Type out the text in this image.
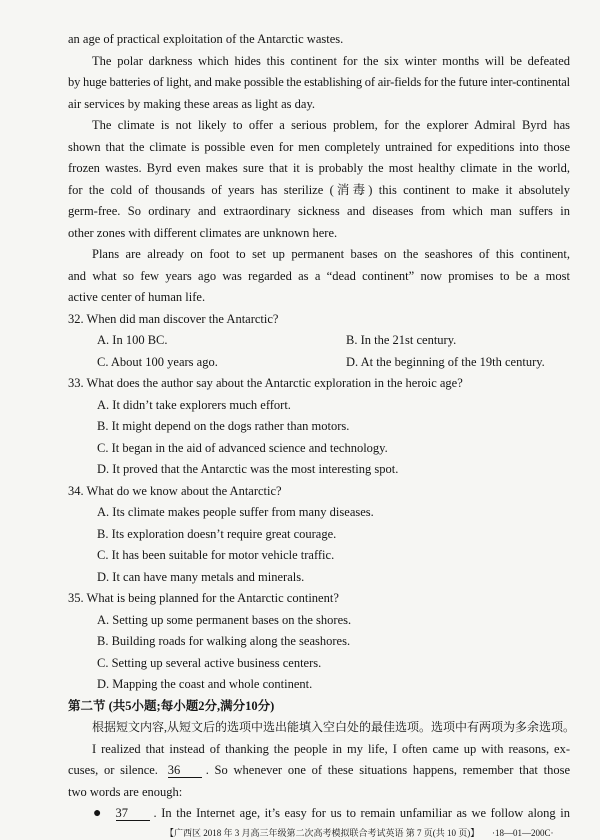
an age of practical exploitation of the Antarctic wastes.
The polar darkness which hides this continent for the six winter months will be defeated
by huge batteries of light, and make possible the establishing of air-fields for the future inter-continental
air services by making these areas as light as day.
The climate is not likely to offer a serious problem, for the explorer Admiral Byrd has
shown that the climate is possible even for men completely untrained for expeditions into those
frozen wastes. Byrd even makes sure that it is probably the most healthy climate in the world,
for the cold of thousands of years has sterilize (消毒) this continent to make it absolutely
germ-free. So ordinary and extraordinary sickness and diseases from which man suffers in
other zones with different climates are unknown here.
Plans are already on foot to set up permanent bases on the seashores of this continent,
and what so few years ago was regarded as a “dead continent” now promises to be a most
active center of human life.
32. When did man discover the Antarctic?
A. In 100 BC.	B. In the 21st century.
C. About 100 years ago.	D. At the beginning of the 19th century.
33. What does the author say about the Antarctic exploration in the heroic age?
A. It didn’t take explorers much effort.
B. It might depend on the dogs rather than motors.
C. It began in the aid of advanced science and technology.
D. It proved that the Antarctic was the most interesting spot.
34. What do we know about the Antarctic?
A. Its climate makes people suffer from many diseases.
B. Its exploration doesn’t require great courage.
C. It has been suitable for motor vehicle traffic.
D. It can have many metals and minerals.
35. What is being planned for the Antarctic continent?
A. Setting up some permanent bases on the shores.
B. Building roads for walking along the seashores.
C. Setting up several active business centers.
D. Mapping the coast and whole continent.
第二节 (共5小题;每小题2分,满分10分)
根据短文内容,从短文后的选项中选出能填入空白处的最佳选项。选项中有两项为多余选项。
I realized that instead of thanking the people in my life, I often came up with reasons, ex-
cuses, or silence. 36 . So whenever one of these situations happens, remember that those
two words are enough:
● 37 . In the Internet age, it’s easy for us to remain unfamiliar as we follow along in
【广西区 2018 年 3 月高三年级第二次高考模拟联合考试英语 第 7 页(共 10 页)】 ·18—01—200C·
